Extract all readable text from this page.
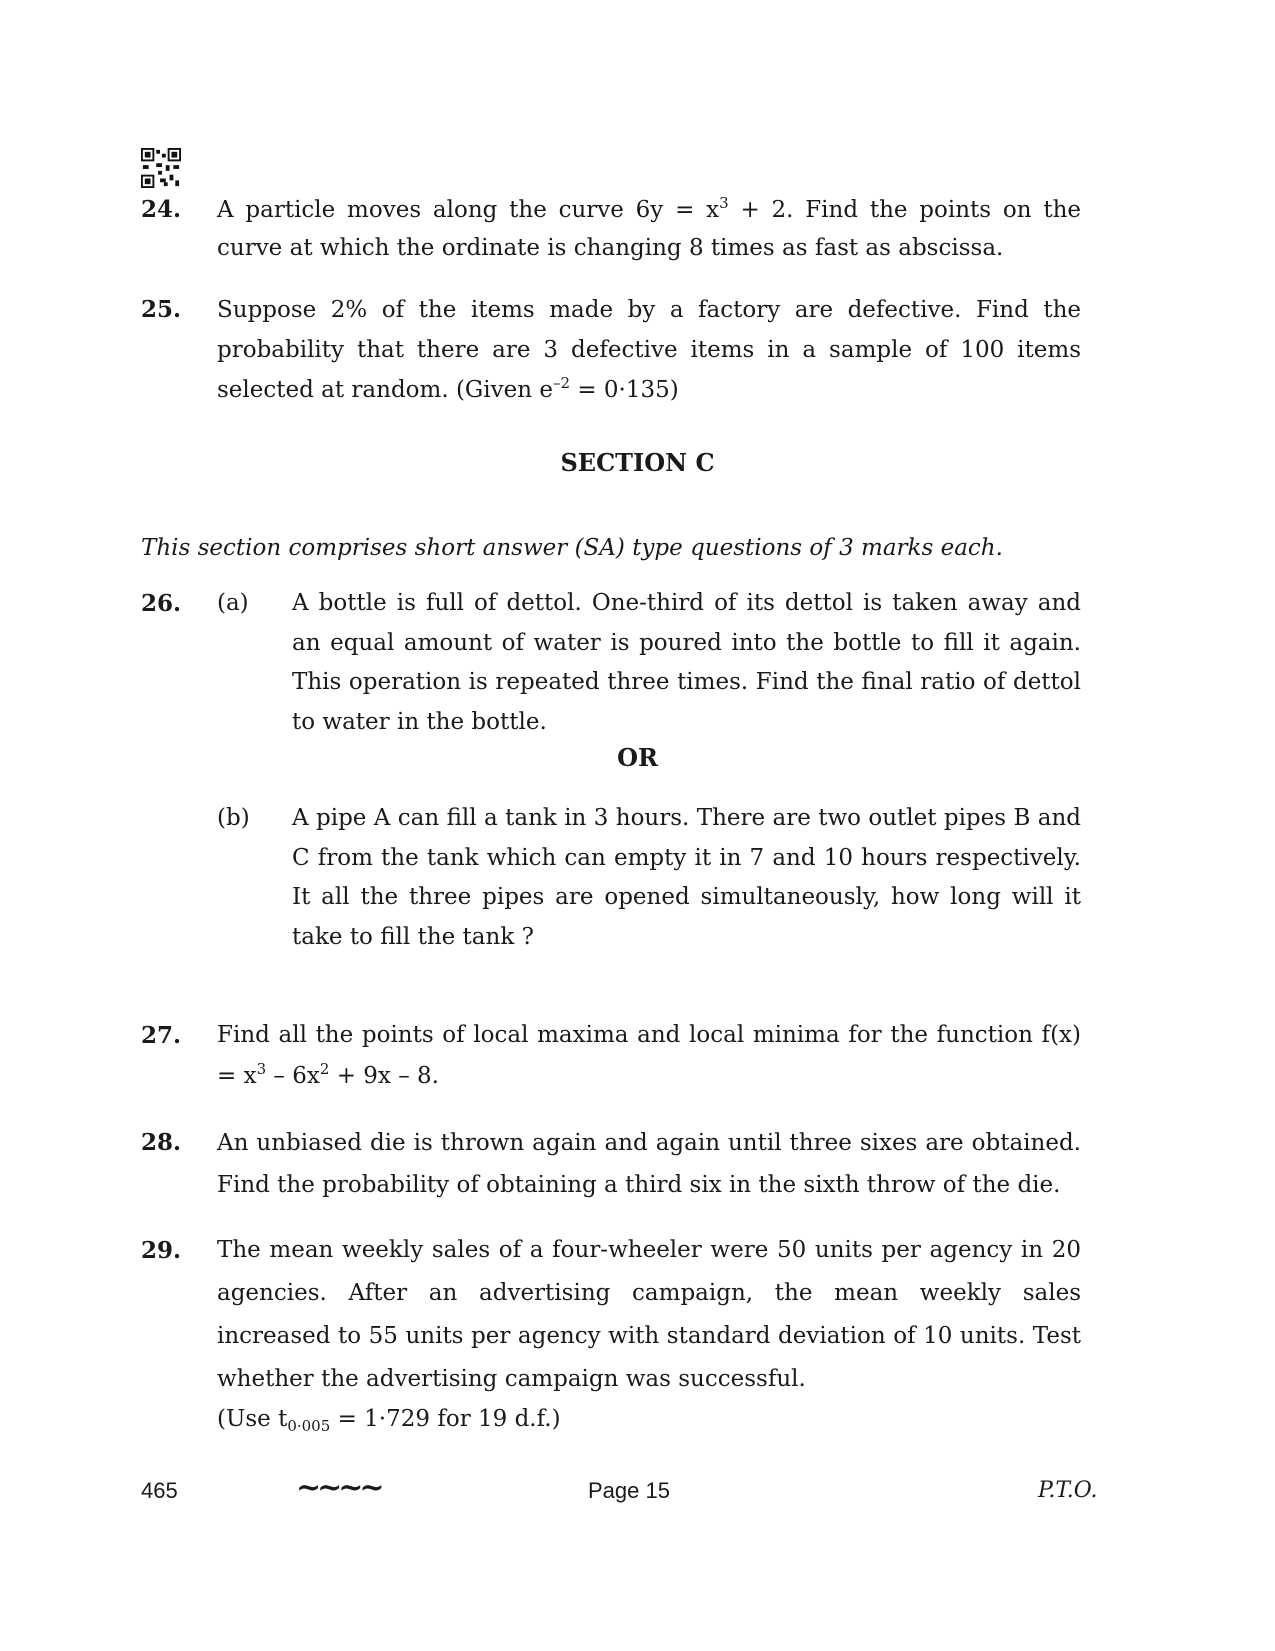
24. A particle moves along the curve $6y = x^3 + 2$. Find the points on the curve at which the ordinate is changing 8 times as fast as abscissa.

25. Suppose 2% of the items made by a factory are defective. Find the probability that there are 3 defective items in a sample of 100 items selected at random. (Given $e^{-2} = 0\cdot 135$)

SECTION C
This section comprises short answer (SA) type questions of 3 marks each.
26. (a) A bottle is full of dettol. One-third of its dettol is taken away and an equal amount of water is poured into the bottle to fill it again. This operation is repeated three times. Find the final ratio of dettol to water in the bottle.
OR
(b) A pipe A can fill a tank in 3 hours. There are two outlet pipes B and C from the tank which can empty it in 7 and 10 hours respectively. It all the three pipes are opened simultaneously, how long will it take to fill the tank ?
27. Find all the points of local maxima and local minima for the function $f(x) = x^3 - 6x^2 + 9x - 8$.

28. An unbiased die is thrown again and again until three sixes are obtained. Find the probability of obtaining a third six in the sixth throw of the die.

29. The mean weekly sales of a four-wheeler were 50 units per agency in 20 agencies. After an advertising campaign, the mean weekly sales increased to 55 units per agency with standard deviation of 10 units. Test whether the advertising campaign was successful.

(Use $t_{0\cdot 005} = 1\cdot 729$ for 19 d.f.)

465	~~~~	Page 15	P.T.O.
